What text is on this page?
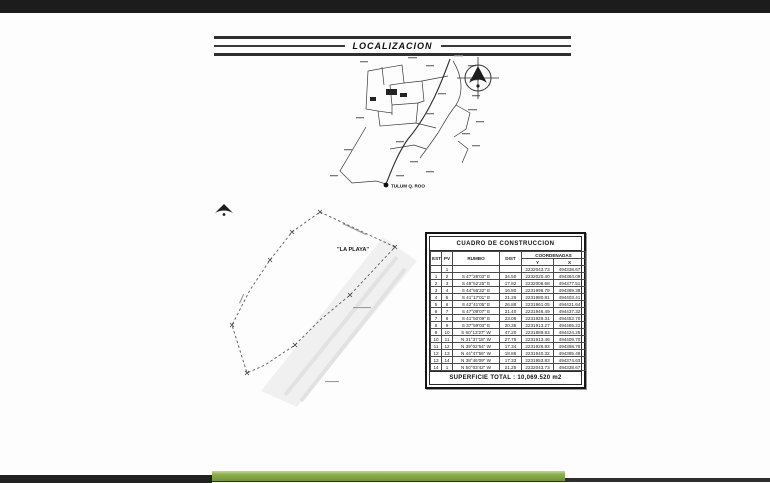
LOCALIZACION
TULUM Q. ROO
"LA PLAYA"
CUADRO DE CONSTRUCCION
EST	PV	RUMBO	DIST	COORDENADAS	
				Y	X
	1			2232043.73	494338.67
1	2	S 47°28'03" E	34.50	2232020.40	494364.09
2	3	S 48°52'25" E	17.82	2232008.68	494377.51
3	4	S 44°56'32" E	16.80	2231996.79	494389.38
4	5	S 41°17'01" E	21.26	2231980.81	494403.41
5	6	S 42°41'05" E	26.88	2231961.05	494421.64
6	7	S 47°09'07" E	21.40	2231946.49	494437.32
7	8	S 41°50'09" E	23.06	2231929.31	494452.70
8	9	S 37°59'03" E	20.35	2231913.27	494465.22
9	10	S 60°13'27" W	47.20	2231889.83	494424.25
10	11	N 31°37'18" W	27.75	2231913.46	494409.70
11	12	N 39°02'54" W	17.34	2231926.93	494398.78
12	13	N 44°47'56" W	18.86	2231940.32	494385.49
13	14	N 38°46'09" W	17.33	2231953.83	494374.63
14	1	N 50°03'42" W	21.25	2232043.73	494338.67
SUPERFICIE TOTAL : 10,069.520 m2
